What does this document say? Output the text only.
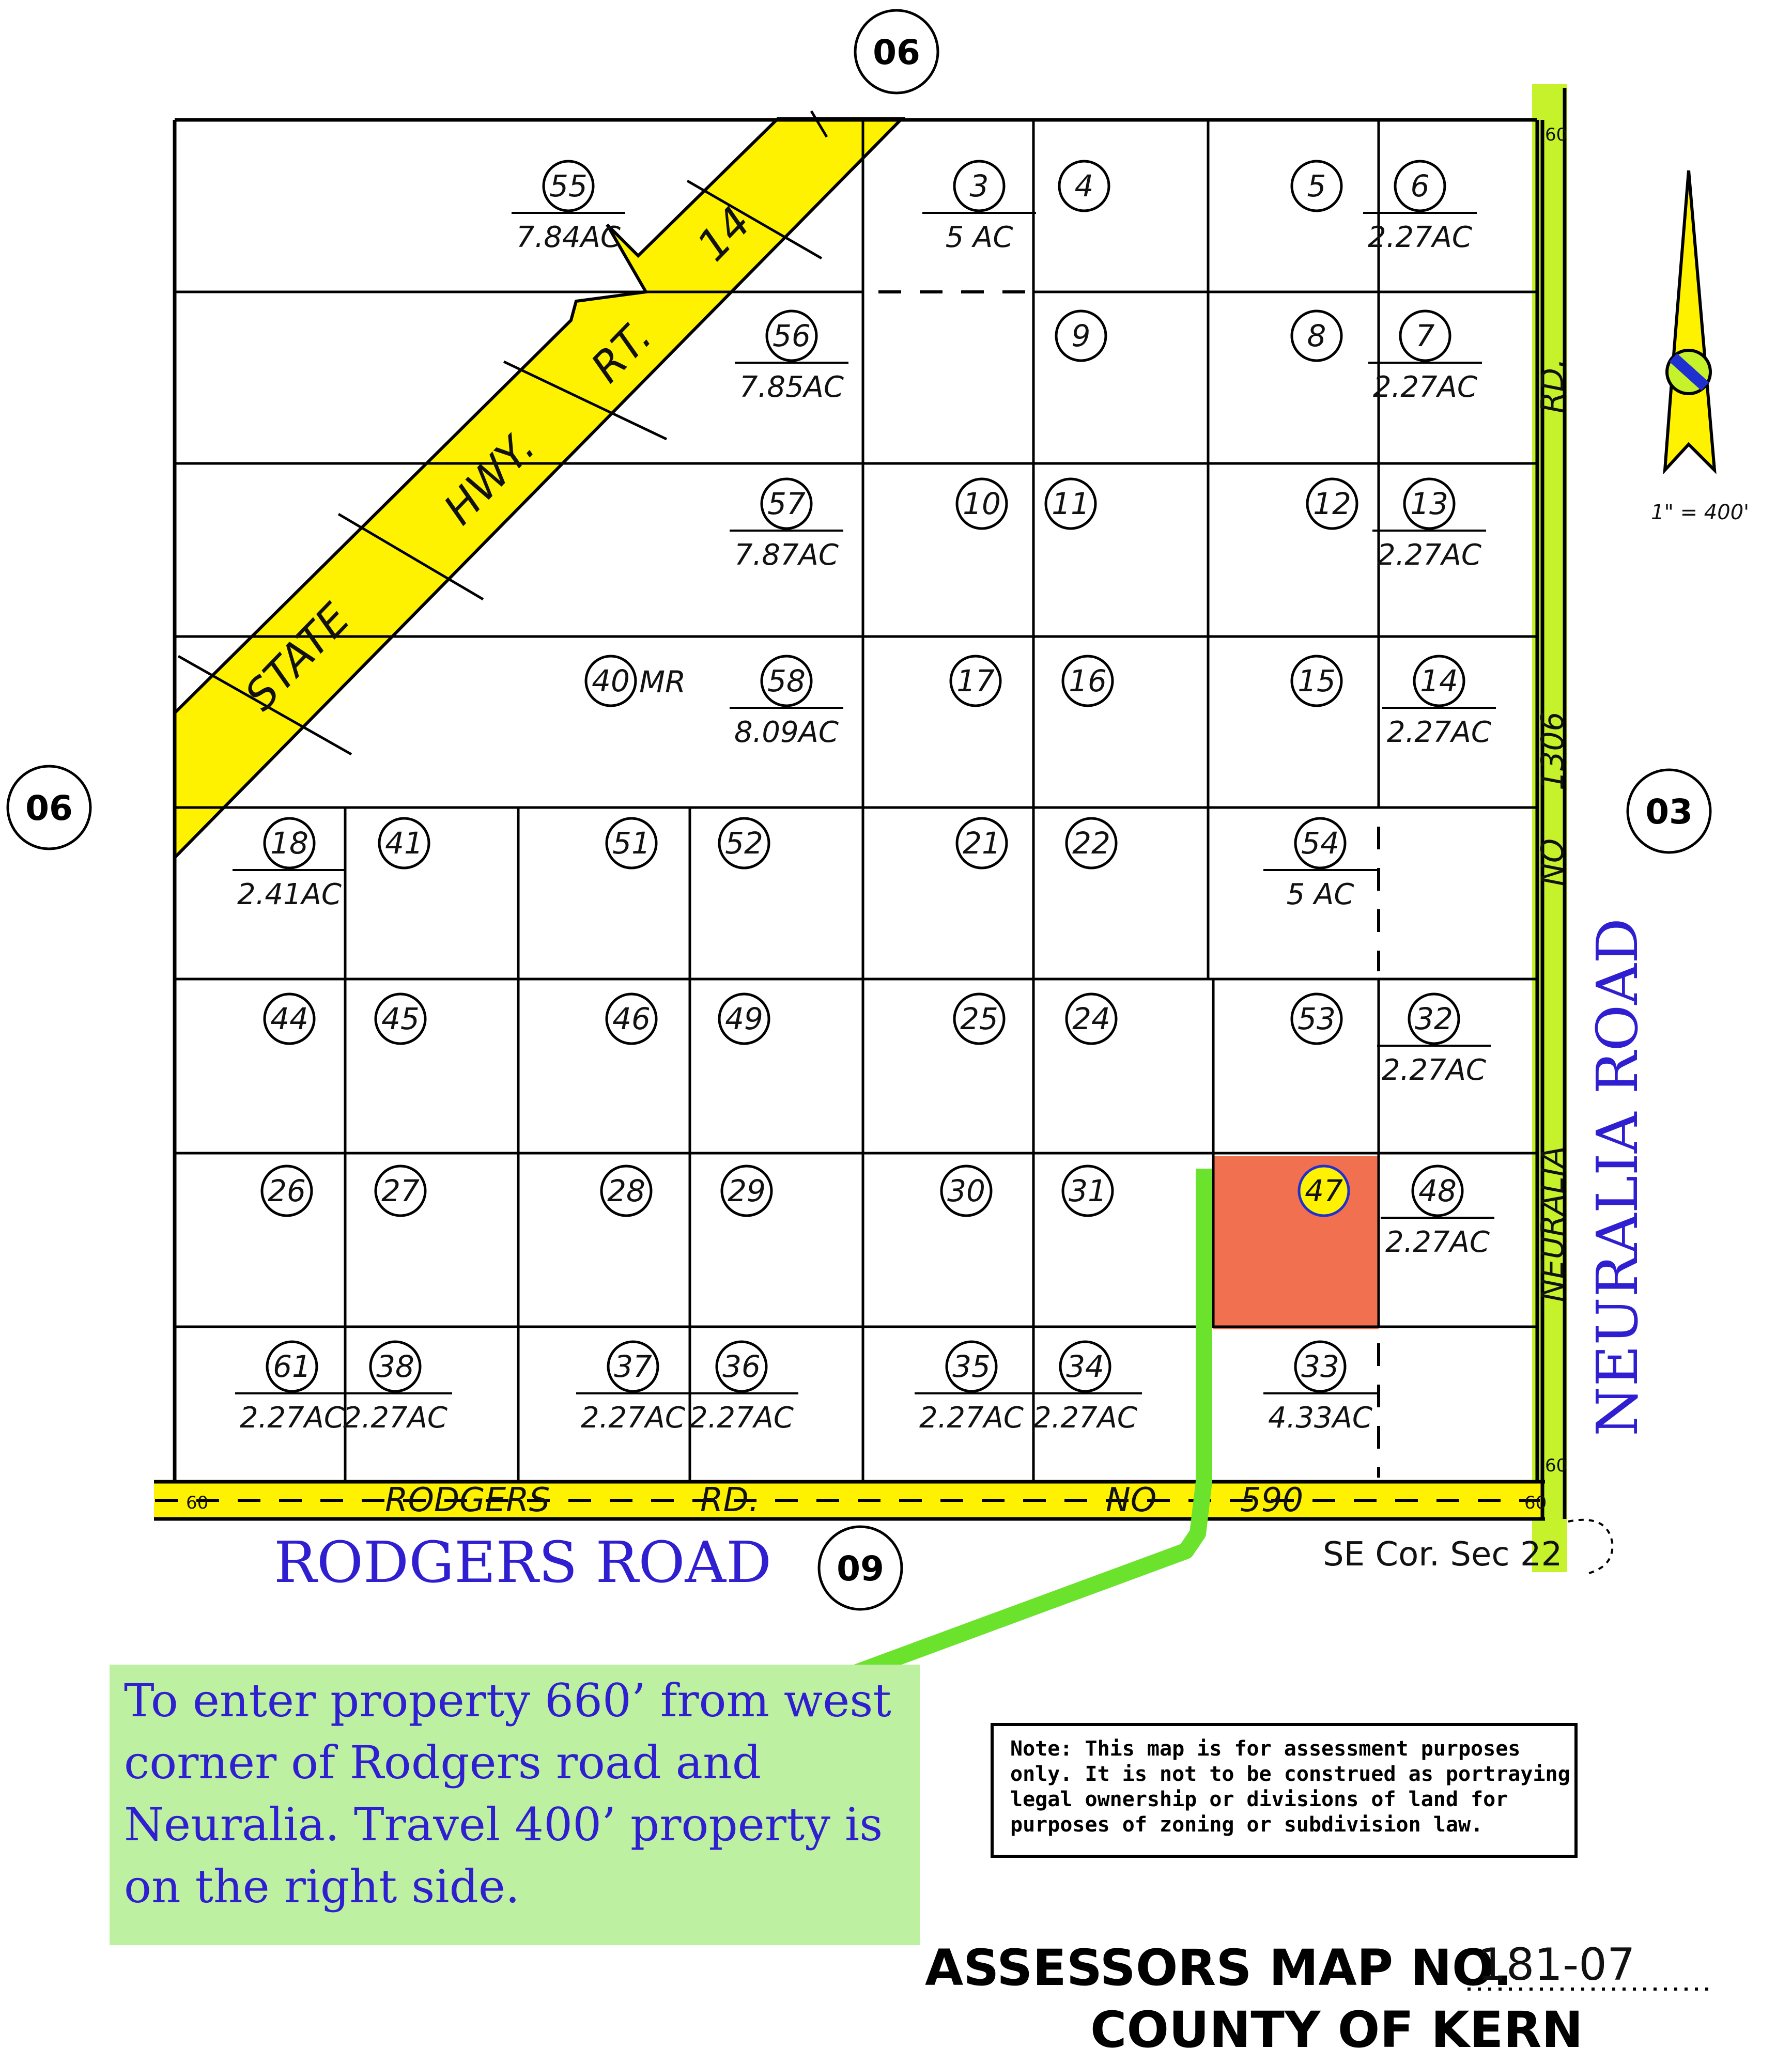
55
7.84AC
3
5 AC
4	5	6
2.27AC
56
7.85AC
9	8	7
2.27AC
57
7.87AC
10 11	12 13
2.27AC
40 MR	58
8.09AC
17 16	15	14
2.27AC
18
2.41AC
41	51 52	21 22	54
5 AC
44 45	46 49	25 24	53	32
2.27AC
26	27	28	29	30	31	47	48
2.27AC
61
2.27AC
38
2.27AC
37
2.27AC
36
2.27AC
35
2.27AC
34
2.27AC
33
4.33AC
STATE
HWY.
RT.
14
RODGERS	RD.	NO	590
NEURALIA
NO
1306
RD.
60
60
60
60
06
06	03
09	SE Cor. Sec 22
RODGERS ROAD
NEURALIA ROAD
1" = 400'
Note: This map is for assessment purposes
only. It is not to be construed as portraying
legal ownership or divisions of land for
purposes of zoning or subdivision law.
ASSESSORS MAP NO.
181-07
COUNTY OF KERN

To enter property 660’ from west corner of Rodgers road and Neuralia. Travel 400’ property is on the right side.
